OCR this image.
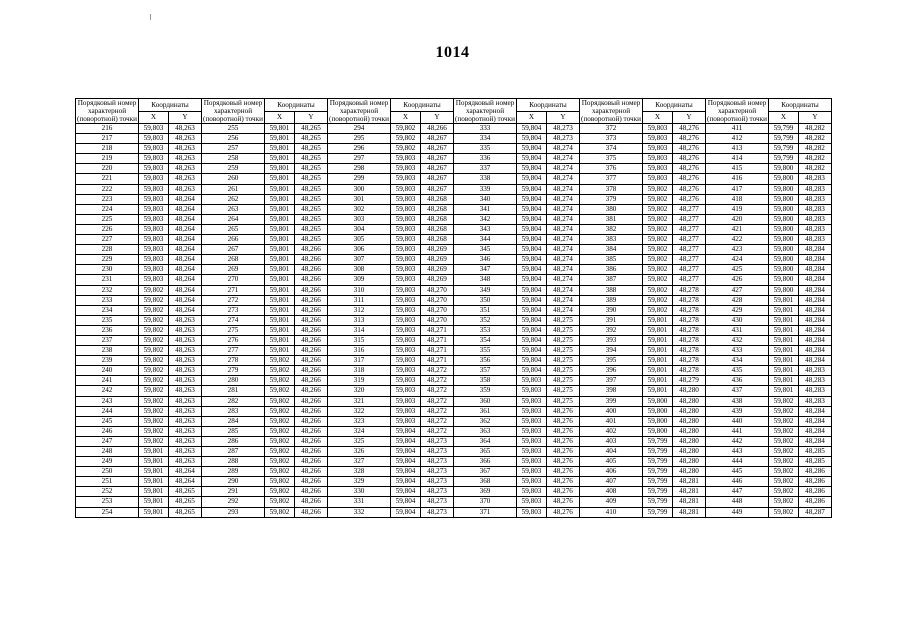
1014
Порядковый номер характерной (поворотной) точки	Координаты		Порядковый номер характерной (поворотной) точки	Координаты		Порядковый номер характерной (поворотной) точки	Координаты		Порядковый номер характерной (поворотной) точки	Координаты		Порядковый номер характерной (поворотной) точки	Координаты		Порядковый номер характерной (поворотной) точки	Координаты	
	X	Y		X	Y		X	Y		X	Y		X	Y		X	Y
216	59,803	48,263	255	59,801	48,265	294	59,802	48,266	333	59,804	48,273	372	59,803	48,276	411	59,799	48,282
217	59,803	48,263	256	59,801	48,265	295	59,802	48,267	334	59,804	48,273	373	59,803	48,276	412	59,799	48,282
218	59,803	48,263	257	59,801	48,265	296	59,802	48,267	335	59,804	48,274	374	59,803	48,276	413	59,799	48,282
219	59,803	48,263	258	59,801	48,265	297	59,803	48,267	336	59,804	48,274	375	59,803	48,276	414	59,799	48,282
220	59,803	48,263	259	59,801	48,265	298	59,803	48,267	337	59,804	48,274	376	59,803	48,276	415	59,800	48,282
221	59,803	48,263	260	59,801	48,265	299	59,803	48,267	338	59,804	48,274	377	59,803	48,276	416	59,800	48,283
222	59,803	48,263	261	59,801	48,265	300	59,803	48,267	339	59,804	48,274	378	59,802	48,276	417	59,800	48,283
223	59,803	48,264	262	59,801	48,265	301	59,803	48,268	340	59,804	48,274	379	59,802	48,276	418	59,800	48,283
224	59,803	48,264	263	59,801	48,265	302	59,803	48,268	341	59,804	48,274	380	59,802	48,277	419	59,800	48,283
225	59,803	48,264	264	59,801	48,265	303	59,803	48,268	342	59,804	48,274	381	59,802	48,277	420	59,800	48,283
226	59,803	48,264	265	59,801	48,265	304	59,803	48,268	343	59,804	48,274	382	59,802	48,277	421	59,800	48,283
227	59,803	48,264	266	59,801	48,265	305	59,803	48,268	344	59,804	48,274	383	59,802	48,277	422	59,800	48,283
228	59,803	48,264	267	59,801	48,266	306	59,803	48,269	345	59,804	48,274	384	59,802	48,277	423	59,800	48,284
229	59,803	48,264	268	59,801	48,266	307	59,803	48,269	346	59,804	48,274	385	59,802	48,277	424	59,800	48,284
230	59,803	48,264	269	59,801	48,266	308	59,803	48,269	347	59,804	48,274	386	59,802	48,277	425	59,800	48,284
231	59,803	48,264	270	59,801	48,266	309	59,803	48,269	348	59,804	48,274	387	59,802	48,277	426	59,800	48,284
232	59,802	48,264	271	59,801	48,266	310	59,803	48,270	349	59,804	48,274	388	59,802	48,278	427	59,800	48,284
233	59,802	48,264	272	59,801	48,266	311	59,803	48,270	350	59,804	48,274	389	59,802	48,278	428	59,801	48,284
234	59,802	48,264	273	59,801	48,266	312	59,803	48,270	351	59,804	48,274	390	59,802	48,278	429	59,801	48,284
235	59,802	48,263	274	59,801	48,266	313	59,803	48,270	352	59,804	48,275	391	59,801	48,278	430	59,801	48,284
236	59,802	48,263	275	59,801	48,266	314	59,803	48,271	353	59,804	48,275	392	59,801	48,278	431	59,801	48,284
237	59,802	48,263	276	59,801	48,266	315	59,803	48,271	354	59,804	48,275	393	59,801	48,278	432	59,801	48,284
238	59,802	48,263	277	59,801	48,266	316	59,803	48,271	355	59,804	48,275	394	59,801	48,278	433	59,801	48,284
239	59,802	48,263	278	59,802	48,266	317	59,803	48,271	356	59,804	48,275	395	59,801	48,278	434	59,801	48,284
240	59,802	48,263	279	59,802	48,266	318	59,803	48,272	357	59,804	48,275	396	59,801	48,278	435	59,801	48,283
241	59,802	48,263	280	59,802	48,266	319	59,803	48,272	358	59,803	48,275	397	59,801	48,279	436	59,801	48,283
242	59,802	48,263	281	59,802	48,266	320	59,803	48,272	359	59,803	48,275	398	59,801	48,280	437	59,801	48,283
243	59,802	48,263	282	59,802	48,266	321	59,803	48,272	360	59,803	48,275	399	59,800	48,280	438	59,802	48,283
244	59,802	48,263	283	59,802	48,266	322	59,803	48,272	361	59,803	48,276	400	59,800	48,280	439	59,802	48,284
245	59,802	48,263	284	59,802	48,266	323	59,803	48,272	362	59,803	48,276	401	59,800	48,280	440	59,802	48,284
246	59,802	48,263	285	59,802	48,266	324	59,804	48,272	363	59,803	48,276	402	59,800	48,280	441	59,802	48,284
247	59,802	48,263	286	59,802	48,266	325	59,804	48,273	364	59,803	48,276	403	59,799	48,280	442	59,802	48,284
248	59,801	48,263	287	59,802	48,266	326	59,804	48,273	365	59,803	48,276	404	59,799	48,280	443	59,802	48,285
249	59,801	48,263	288	59,802	48,266	327	59,804	48,273	366	59,803	48,276	405	59,799	48,280	444	59,802	48,285
250	59,801	48,264	289	59,802	48,266	328	59,804	48,273	367	59,803	48,276	406	59,799	48,280	445	59,802	48,286
251	59,801	48,264	290	59,802	48,266	329	59,804	48,273	368	59,803	48,276	407	59,799	48,281	446	59,802	48,286
252	59,801	48,265	291	59,802	48,266	330	59,804	48,273	369	59,803	48,276	408	59,799	48,281	447	59,802	48,286
253	59,801	48,265	292	59,802	48,266	331	59,804	48,273	370	59,803	48,276	409	59,799	48,281	448	59,802	48,286
254	59,801	48,265	293	59,802	48,266	332	59,804	48,273	371	59,803	48,276	410	59,799	48,281	449	59,802	48,287
